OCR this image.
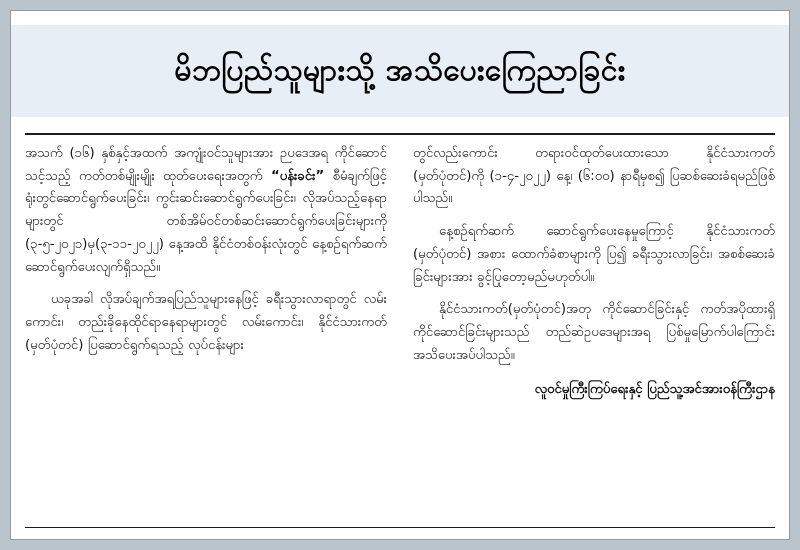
မိဘပြည်သူများသို့ အသိပေးကြေညာခြင်း

အသက် (၁၆) နှစ်နှင့်အထက် အကျုံးဝင်သူများအား ဉပဒေအရ ကိုင်ဆောင်သင့်သည့် ကတ်တစ်မျိုးမျိုး ထုတ်ပေးရေးအတွက် “ပန်းခင်း” စီမံချက်ဖြင့် ရုံးတွင်ဆောင်ရွက်ပေးခြင်း၊ ကွင်းဆင်းဆောင်ရွက်ပေးခြင်း၊ လိုအပ်သည့်နေရာများတွင် တစ်အိမ်ဝင်တစ်ဆင်းဆောင်ရွက်ပေးခြင်းများကို (၃-၅-၂၀၂၁)မှ(၃-၁၁-၂၀၂၂) နေ့အထိ နိုင်ငံတစ်ဝန်းလုံးတွင် နေ့စဉ်ရက်ဆက် ဆောင်ရွက်ပေးလျက်ရှိသည်။

ယခုအခါ လိုအပ်ချက်အရပြည်သူများနေဖြင့် ခရီးသွားလာရာတွင် လမ်းကောင်း၊ တည်းခိုနေထိုင်ရာနေရာများတွင် လမ်းကောင်း၊ နိုင်ငံသားကတ် (မှတ်ပုံတင်) ပြဆောင်ရွက်ရသည့် လုပ်ငန်းများ

တွင်လည်းကောင်း တရားဝင်ထုတ်ပေးထားသော နိုင်ငံသားကတ် (မှတ်ပုံတင်)ကို (၁-၄-၂၀၂၂) နေ့၊ (၆:၀၀) နာရီမှစ၍ ပြဆစ်ဆေးခံရမည်ဖြစ်ပါသည်။

နေ့စဉ်ရက်ဆက် ဆောင်ရွက်ပေးနေမှုကြောင့် နိုင်ငံသားကတ် (မှတ်ပုံတင်) အစား ထောက်ခံစာများကို ပြ၍ ခရီးသွားလာခြင်း၊ အစစ်ဆေးခံခြင်းများအား ခွင့်ပြုတော့မည်မဟုတ်ပါ။

နိုင်ငံသားကတ်(မှတ်ပုံတင်)အတု ကိုင်ဆောင်ခြင်းနှင့် ကတ်အပိုထားရှိကိုင်ဆောင်ခြင်းများသည် တည်ဆဲဥပဒေများအရ ပြစ်မှုမြောက်ပါကြောင်း အသိပေးအပ်ပါသည်။

လူဝင်မှုကြီးကြပ်ရေးနှင့် ပြည်သူ့အင်အားဝန်ကြီးဌာန
